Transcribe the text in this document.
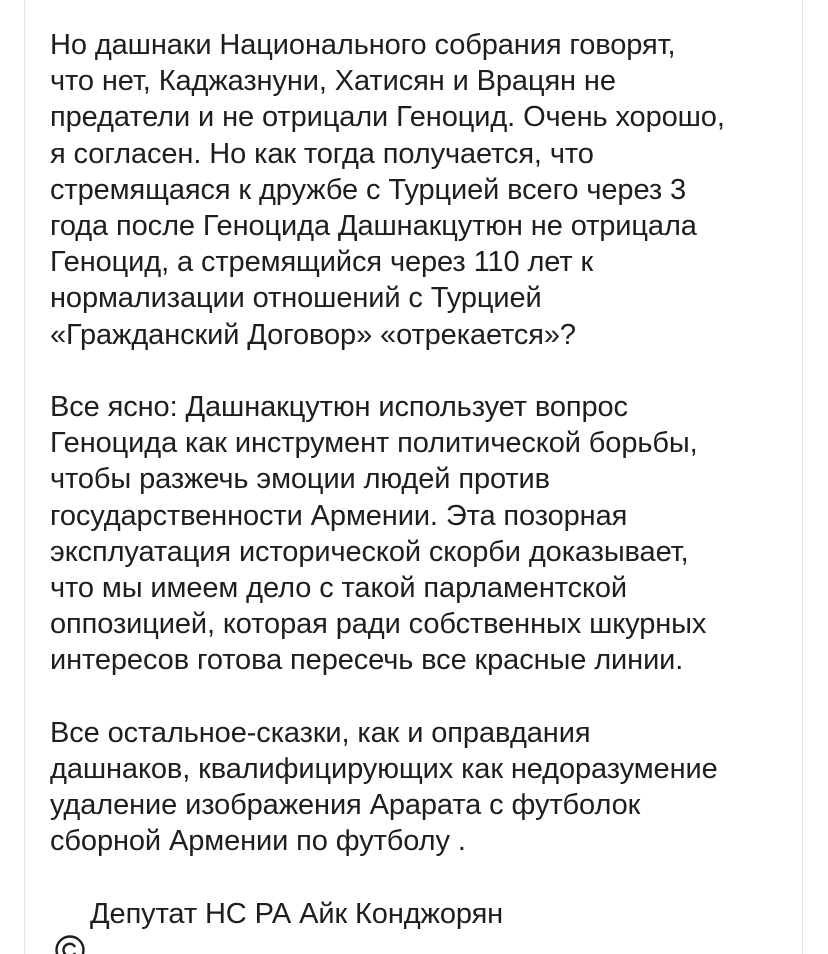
Но дашнаки Национального собрания говорят,
что нет, Каджазнуни, Хатисян и Врацян не
предатели и не отрицали Геноцид. Очень хорошо,
я согласен. Но как тогда получается, что
стремящаяся к дружбе с Турцией всего через 3
года после Геноцида Дашнакцутюн не отрицала
Геноцид, а стремящийся через 110 лет к
нормализации отношений с Турцией
«Гражданский Договор» «отрекается»?

Все ясно: Дашнакцутюн использует вопрос
Геноцида как инструмент политической борьбы,
чтобы разжечь эмоции людей против
государственности Армении. Эта позорная
эксплуатация исторической скорби доказывает,
что мы имеем дело с такой парламентской
оппозицией, которая ради собственных шкурных
интересов готова пересечь все красные линии.

Все остальное-сказки, как и оправдания
дашнаков, квалифицирующих как недоразумение
удаление изображения Арарата с футболок
сборной Армении по футболу .

Депутат НС РА Айк Конджорян
